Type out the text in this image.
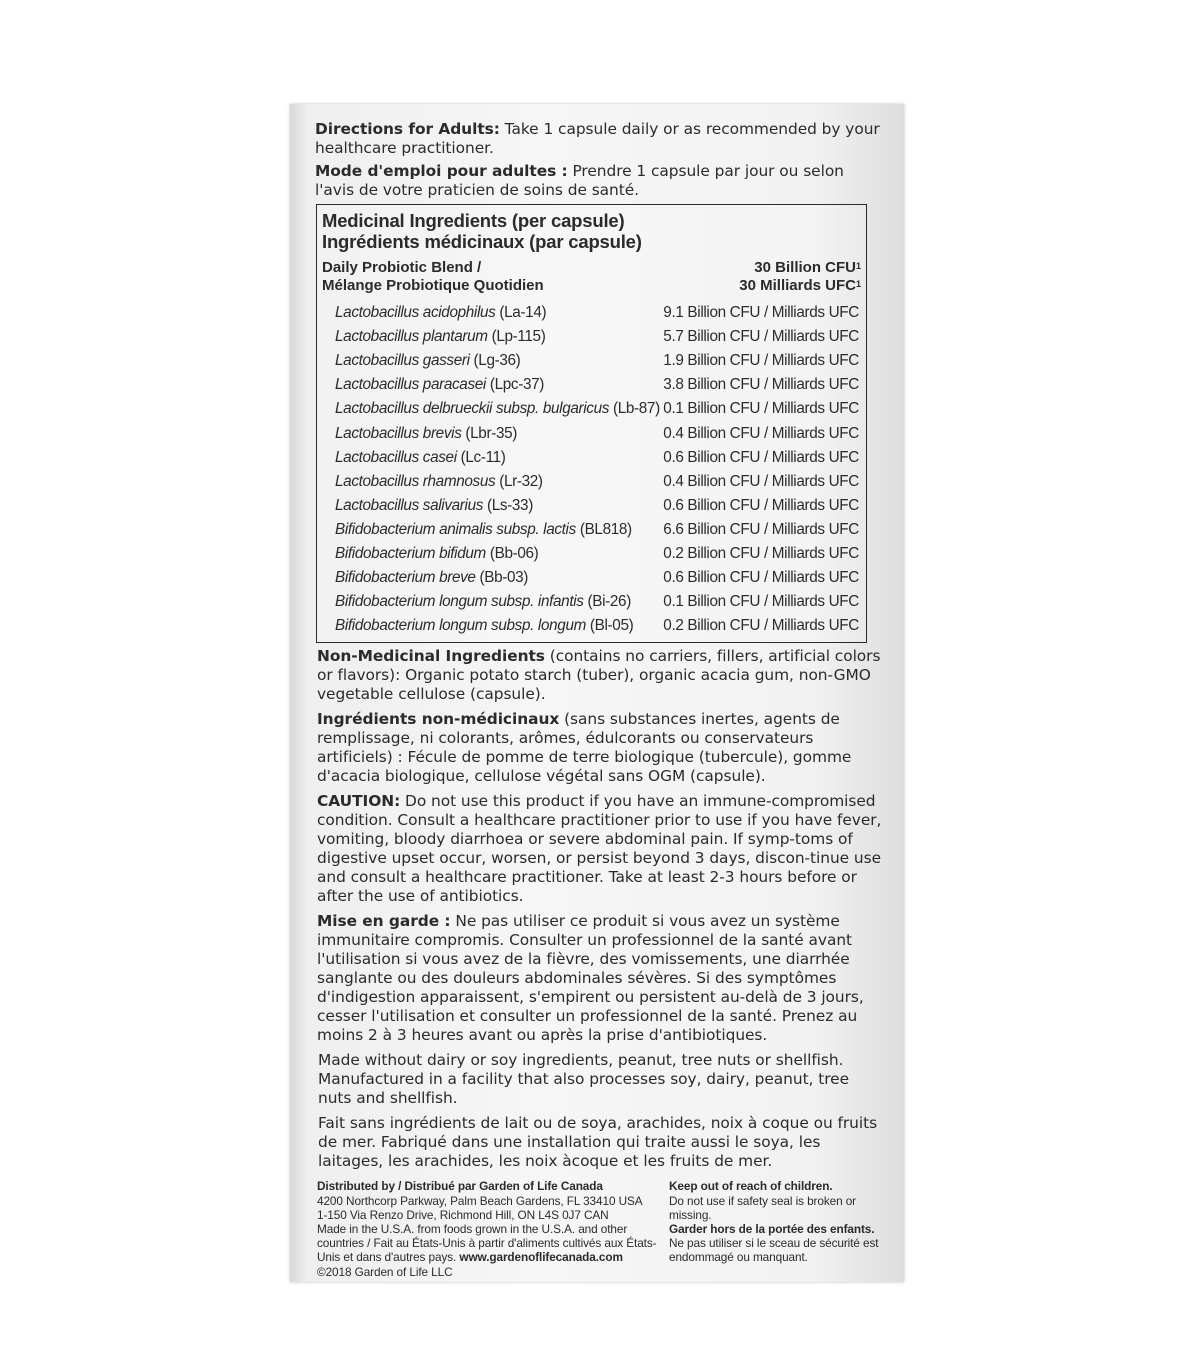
Directions for Adults: Take 1 capsule daily or as recommended by your healthcare practitioner.

Mode d'emploi pour adultes : Prendre 1 capsule par jour ou selon l'avis de votre praticien de soins de santé.

Medicinal Ingredients (per capsule)
Ingrédients médicinaux (par capsule)
Daily Probiotic Blend /
Mélange Probiotique Quotidien
30 Billion CFU$^1$
30 Milliards UFC$^1$
Lactobacillus acidophilus (La-14)	9.1 Billion CFU / Milliards UFC
Lactobacillus plantarum (Lp-115)	5.7 Billion CFU / Milliards UFC
Lactobacillus gasseri (Lg-36)	1.9 Billion CFU / Milliards UFC
Lactobacillus paracasei (Lpc-37)	3.8 Billion CFU / Milliards UFC
Lactobacillus delbrueckii subsp. bulgaricus (Lb-87) 0.1 Billion CFU / Milliards UFC
Lactobacillus brevis (Lbr-35)	0.4 Billion CFU / Milliards UFC
Lactobacillus casei (Lc-11)	0.6 Billion CFU / Milliards UFC
Lactobacillus rhamnosus (Lr-32)	0.4 Billion CFU / Milliards UFC
Lactobacillus salivarius (Ls-33)	0.6 Billion CFU / Milliards UFC
Bifidobacterium animalis subsp. lactis (BL818) 6.6 Billion CFU / Milliards UFC
Bifidobacterium bifidum (Bb-06)	0.2 Billion CFU / Milliards UFC
Bifidobacterium breve (Bb-03)	0.6 Billion CFU / Milliards UFC
Bifidobacterium longum subsp. infantis (Bi-26) 0.1 Billion CFU / Milliards UFC
Bifidobacterium longum subsp. longum (Bl-05) 0.2 Billion CFU / Milliards UFC

Non-Medicinal Ingredients (contains no carriers, fillers, artificial colors or flavors): Organic potato starch (tuber), organic acacia gum, non-GMO vegetable cellulose (capsule).

Ingrédients non-médicinaux (sans substances inertes, agents de remplissage, ni colorants, arômes, édulcorants ou conservateurs artificiels) : Fécule de pomme de terre biologique (tubercule), gomme d'acacia biologique, cellulose végétal sans OGM (capsule).

CAUTION: Do not use this product if you have an immune-compromised condition. Consult a healthcare practitioner prior to use if you have fever, vomiting, bloody diarrhoea or severe abdominal pain. If symp-toms of digestive upset occur, worsen, or persist beyond 3 days, discon-tinue use and consult a healthcare practitioner. Take at least 2-3 hours before or after the use of antibiotics.

Mise en garde : Ne pas utiliser ce produit si vous avez un système immunitaire compromis. Consulter un professionnel de la santé avant l'utilisation si vous avez de la fièvre, des vomissements, une diarrhée sanglante ou des douleurs abdominales sévères. Si des symptômes d'indigestion apparaissent, s'empirent ou persistent au-delà de 3 jours, cesser l'utilisation et consulter un professionnel de la santé. Prenez au moins 2 à 3 heures avant ou après la prise d'antibiotiques.

Made without dairy or soy ingredients, peanut, tree nuts or shellfish. Manufactured in a facility that also processes soy, dairy, peanut, tree nuts and shellfish.

Fait sans ingrédients de lait ou de soya, arachides, noix à coque ou fruits de mer. Fabriqué dans une installation qui traite aussi le soya, les laitages, les arachides, les noix àcoque et les fruits de mer.

Distributed by / Distribué par Garden of Life Canada
4200 Northcorp Parkway, Palm Beach Gardens, FL 33410 USA
1-150 Via Renzo Drive, Richmond Hill, ON L4S 0J7 CAN
Made in the U.S.A. from foods grown in the U.S.A. and other countries / Fait au États-Unis à partir d'aliments cultivés aux États-Unis et dans d'autres pays. www.gardenoflifecanada.com
©2018 Garden of Life LLC
Keep out of reach of children.
Do not use if safety seal is broken or missing.
Garder hors de la portée des enfants. Ne pas utiliser si le sceau de sécurité est endommagé ou manquant.
